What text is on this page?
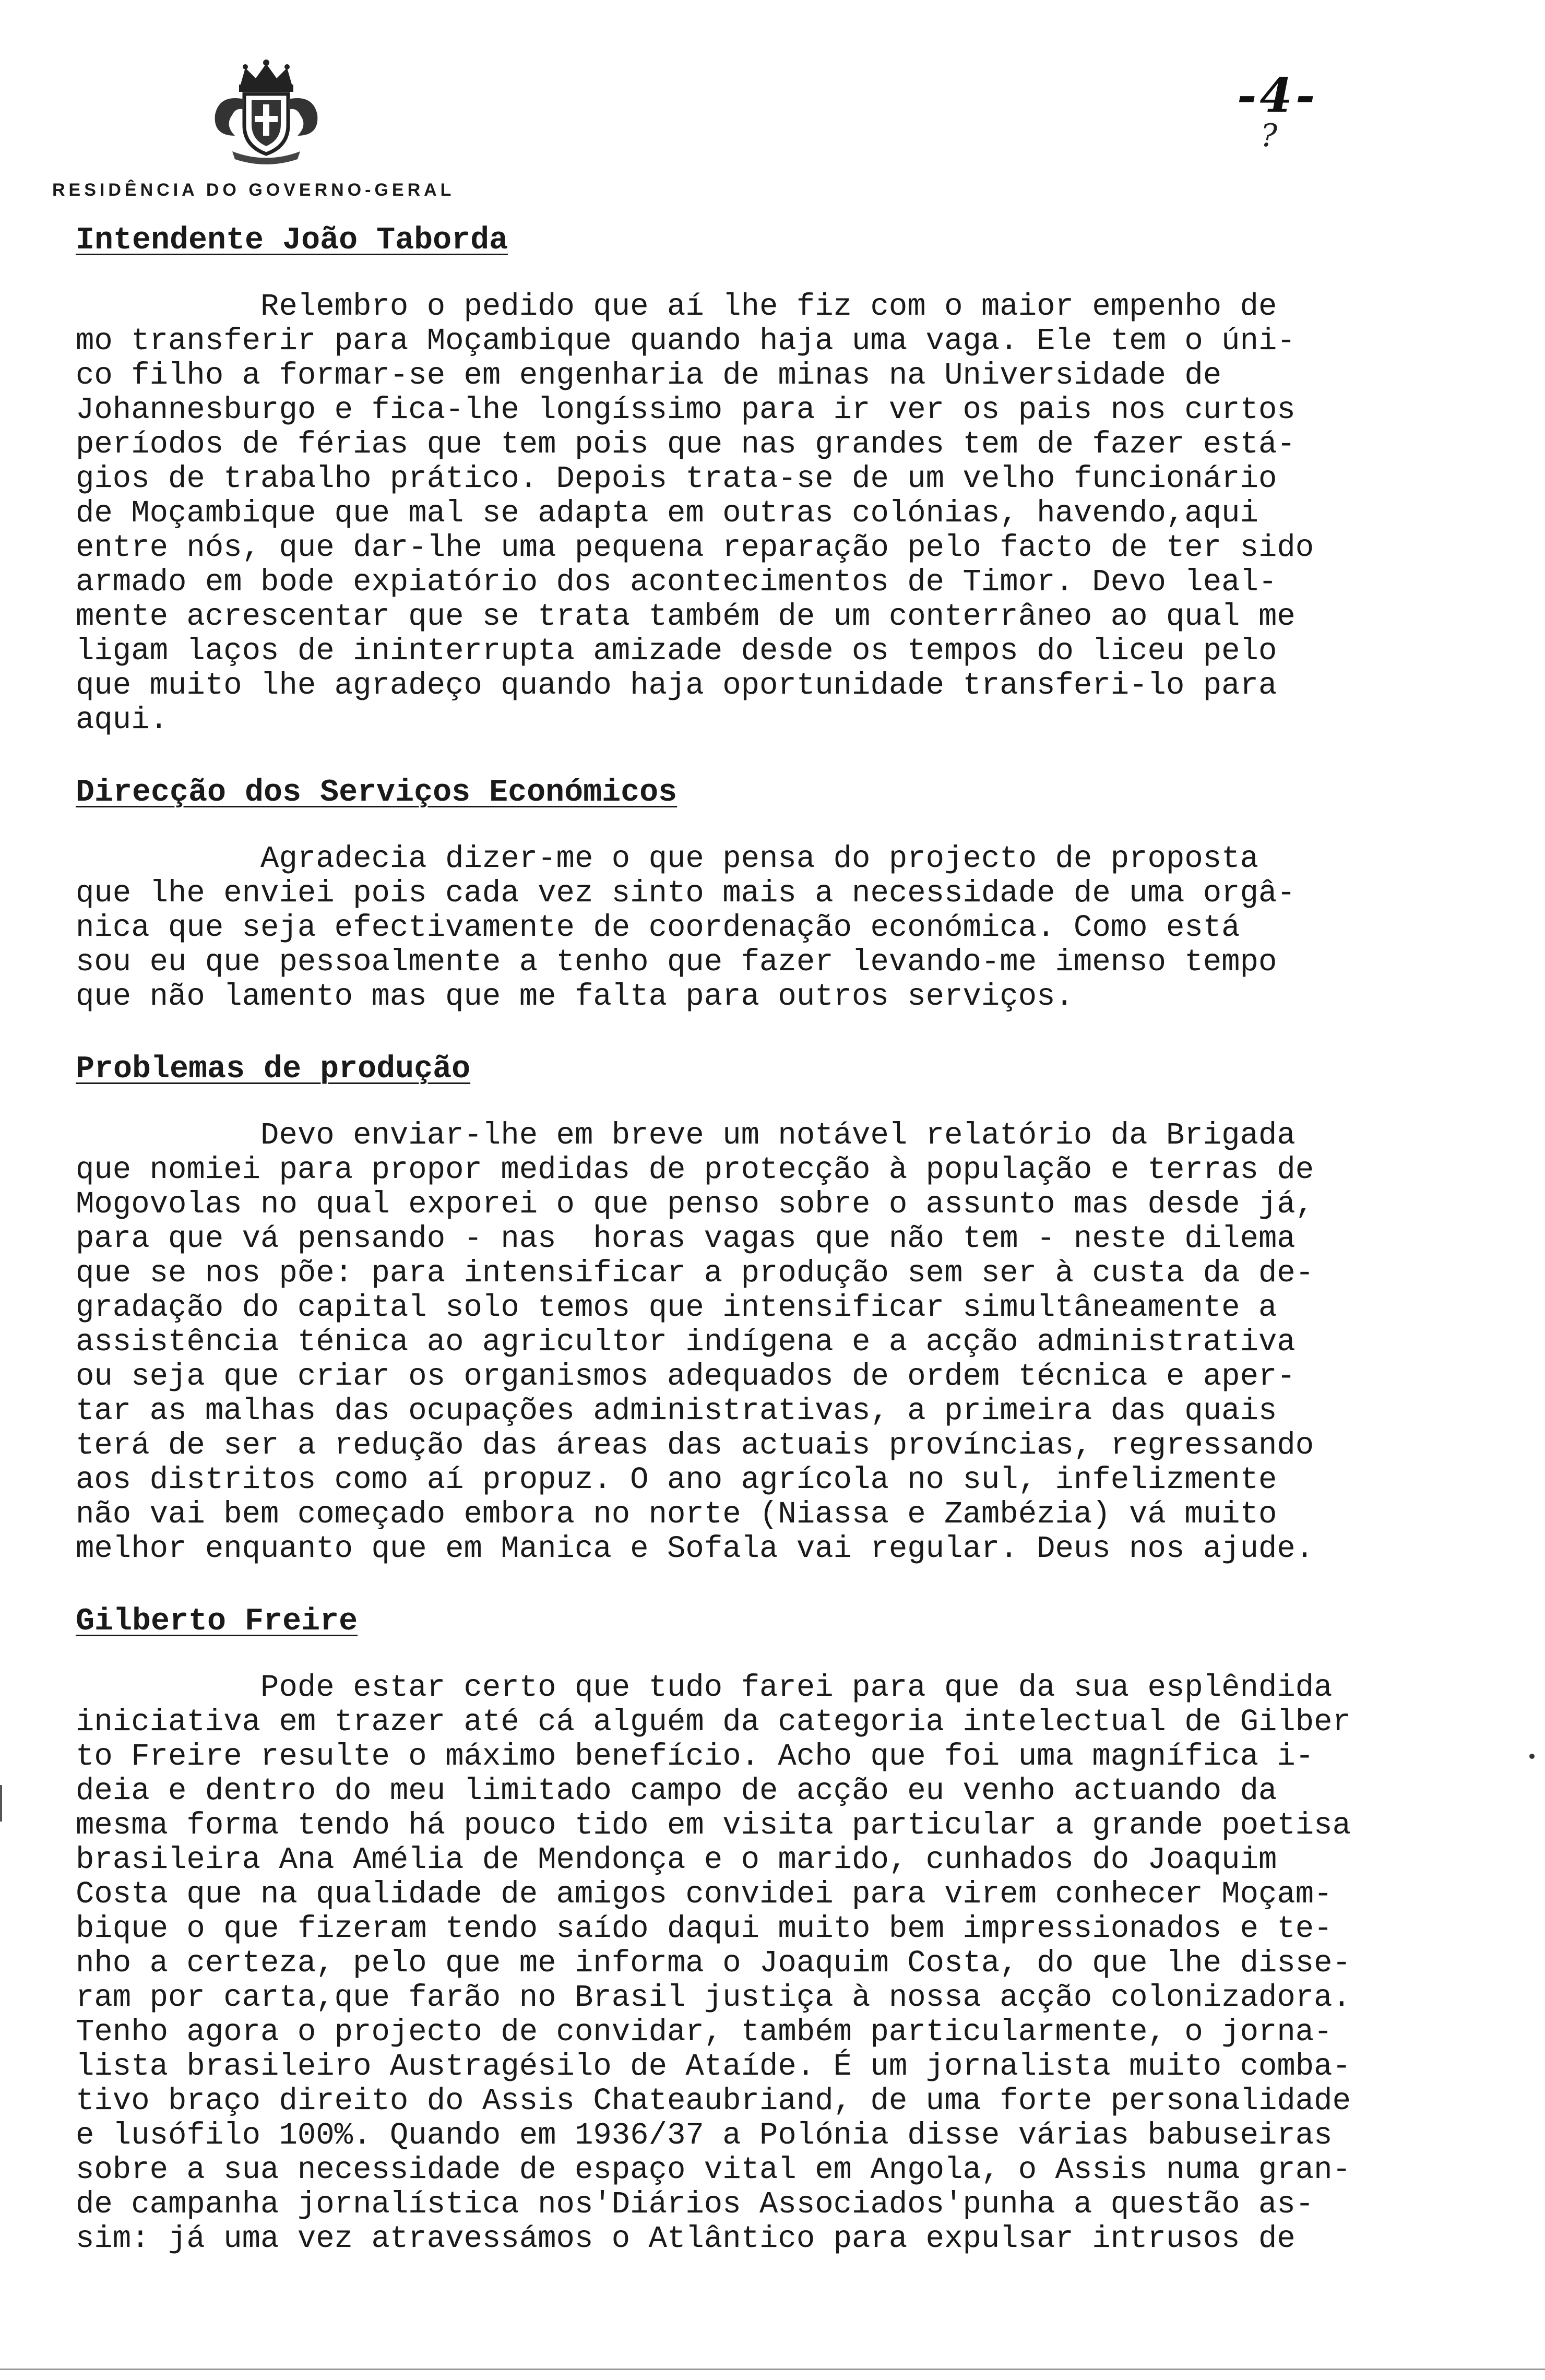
RESIDÊNCIA DO GOVERNO-GERAL
-4-
?
Intendente João Taborda

Relembro o pedido que aí lhe fiz com o maior empenho de
mo transferir para Moçambique quando haja uma vaga. Ele tem o úni-
co filho a formar-se em engenharia de minas na Universidade de
Johannesburgo e fica-lhe longíssimo para ir ver os pais nos curtos
períodos de férias que tem pois que nas grandes tem de fazer está-
gios de trabalho prático. Depois trata-se de um velho funcionário
de Moçambique que mal se adapta em outras colónias, havendo,aqui
entre nós, que dar-lhe uma pequena reparação pelo facto de ter sido
armado em bode expiatório dos acontecimentos de Timor. Devo leal-
mente acrescentar que se trata também de um conterrâneo ao qual me
ligam laços de ininterrupta amizade desde os tempos do liceu pelo
que muito lhe agradeço quando haja oportunidade transferi-lo para
aqui.

Direcção dos Serviços Económicos

Agradecia dizer-me o que pensa do projecto de proposta
que lhe enviei pois cada vez sinto mais a necessidade de uma orgâ-
nica que seja efectivamente de coordenação económica. Como está
sou eu que pessoalmente a tenho que fazer levando-me imenso tempo
que não lamento mas que me falta para outros serviços.

Problemas de produção

Devo enviar-lhe em breve um notável relatório da Brigada
que nomiei para propor medidas de protecção à população e terras de
Mogovolas no qual exporei o que penso sobre o assunto mas desde já,
para que vá pensando - nas  horas vagas que não tem - neste dilema
que se nos põe: para intensificar a produção sem ser à custa da de-
gradação do capital solo temos que intensificar simultâneamente a
assistência ténica ao agricultor indígena e a acção administrativa
ou seja que criar os organismos adequados de ordem técnica e aper-
tar as malhas das ocupações administrativas, a primeira das quais
terá de ser a redução das áreas das actuais províncias, regressando
aos distritos como aí propuz. O ano agrícola no sul, infelizmente
não vai bem começado embora no norte (Niassa e Zambézia) vá muito
melhor enquanto que em Manica e Sofala vai regular. Deus nos ajude.

Gilberto Freire

Pode estar certo que tudo farei para que da sua esplêndida
iniciativa em trazer até cá alguém da categoria intelectual de Gilber
to Freire resulte o máximo benefício. Acho que foi uma magnífica i-
deia e dentro do meu limitado campo de acção eu venho actuando da
mesma forma tendo há pouco tido em visita particular a grande poetisa
brasileira Ana Amélia de Mendonça e o marido, cunhados do Joaquim
Costa que na qualidade de amigos convidei para virem conhecer Moçam-
bique o que fizeram tendo saído daqui muito bem impressionados e te-
nho a certeza, pelo que me informa o Joaquim Costa, do que lhe disse-
ram por carta,que farão no Brasil justiça à nossa acção colonizadora.
Tenho agora o projecto de convidar, também particularmente, o jorna-
lista brasileiro Austragésilo de Ataíde. É um jornalista muito comba-
tivo braço direito do Assis Chateaubriand, de uma forte personalidade
e lusófilo 100%. Quando em 1936/37 a Polónia disse várias babuseiras
sobre a sua necessidade de espaço vital em Angola, o Assis numa gran-
de campanha jornalística nos'Diários Associados'punha a questão as-
sim: já uma vez atravessámos o Atlântico para expulsar intrusos de
